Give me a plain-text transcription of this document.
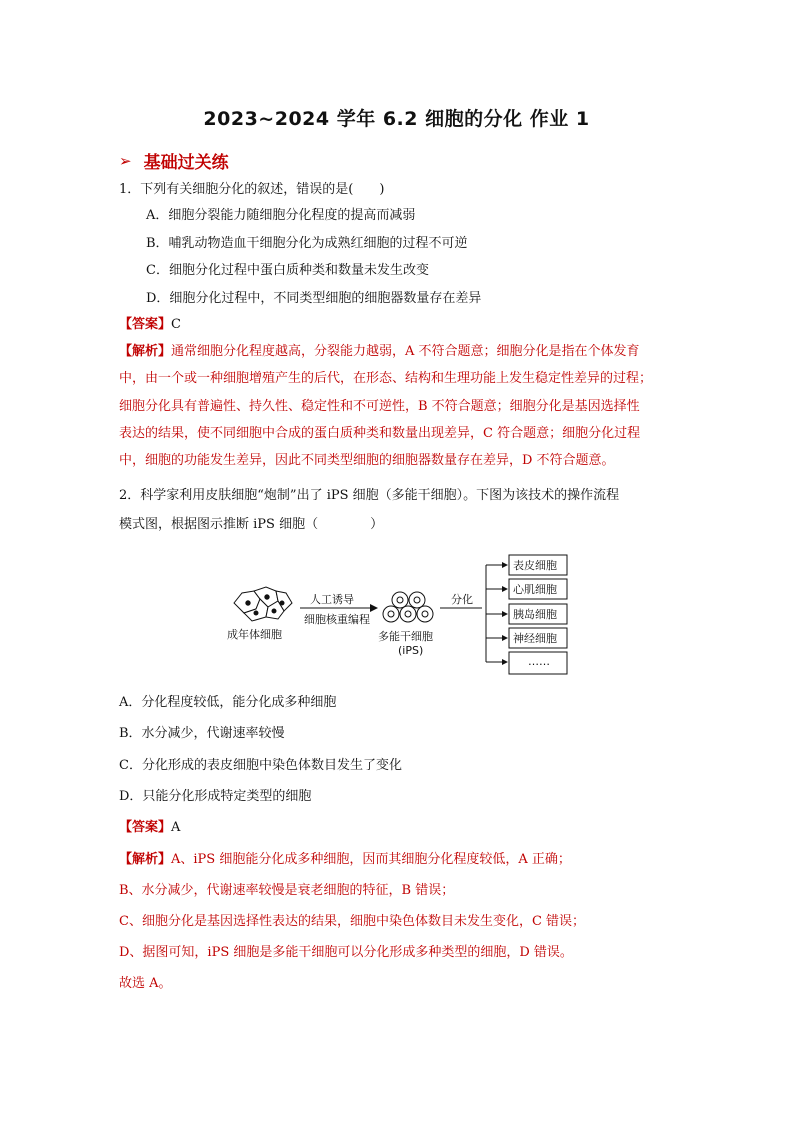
2023~2024 学年 6.2 细胞的分化 作业 1
➢ 基础过关练
1．下列有关细胞分化的叙述，错误的是(　　)
A．细胞分裂能力随细胞分化程度的提高而减弱
B．哺乳动物造血干细胞分化为成熟红细胞的过程不可逆
C．细胞分化过程中蛋白质种类和数量未发生改变
D．细胞分化过程中，不同类型细胞的细胞器数量存在差异
【答案】C
【解析】通常细胞分化程度越高，分裂能力越弱，A 不符合题意；细胞分化是指在个体发育
中，由一个或一种细胞增殖产生的后代，在形态、结构和生理功能上发生稳定性差异的过程；
细胞分化具有普遍性、持久性、稳定性和不可逆性，B 不符合题意；细胞分化是基因选择性
表达的结果，使不同细胞中合成的蛋白质种类和数量出现差异，C 符合题意；细胞分化过程
中，细胞的功能发生差异，因此不同类型细胞的细胞器数量存在差异，D 不符合题意。
2．科学家利用皮肤细胞“炮制”出了 iPS 细胞（多能干细胞）。下图为该技术的操作流程
模式图，根据图示推断 iPS 细胞（　　　　）
成年体细胞
人工诱导
细胞核重编程
多能干细胞
(iPS)
分化
表皮细胞
心肌细胞
胰岛细胞
神经细胞
……
A．分化程度较低，能分化成多种细胞
B．水分减少，代谢速率较慢
C．分化形成的表皮细胞中染色体数目发生了变化
D．只能分化形成特定类型的细胞
【答案】A
【解析】A、iPS 细胞能分化成多种细胞，因而其细胞分化程度较低，A 正确；
B、水分减少，代谢速率较慢是衰老细胞的特征，B 错误；
C、细胞分化是基因选择性表达的结果，细胞中染色体数目未发生变化，C 错误；
D、据图可知，iPS 细胞是多能干细胞可以分化形成多种类型的细胞，D 错误。
故选 A。
